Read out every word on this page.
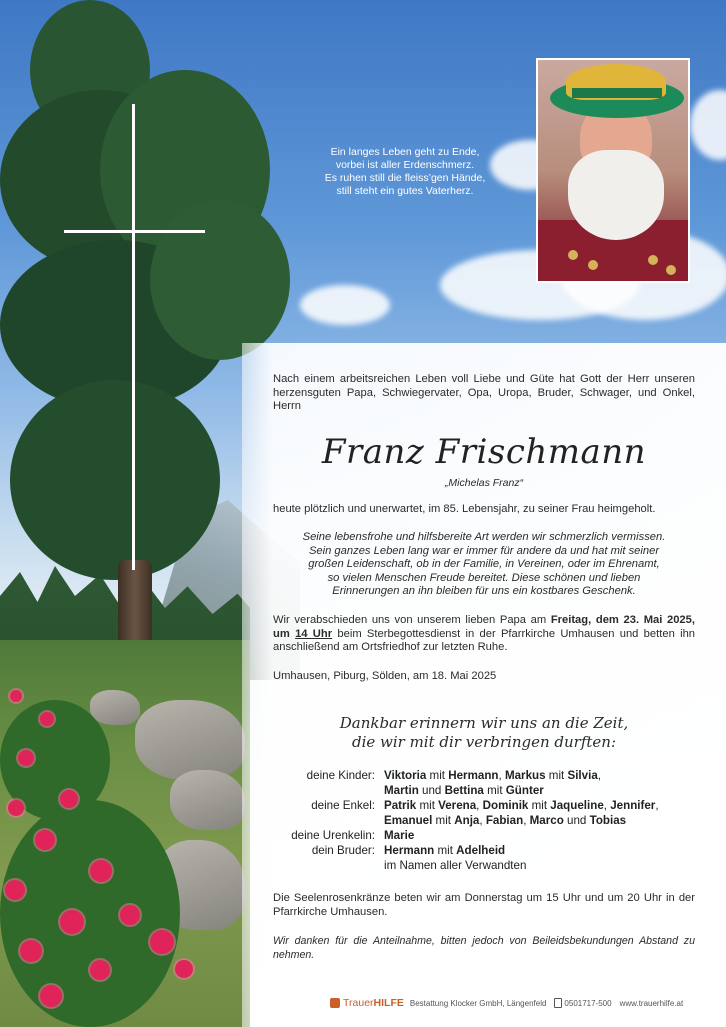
Ein langes Leben geht zu Ende,
vorbei ist aller Erdenschmerz.
Es ruhen still die fleiss’gen Hände,
still steht ein gutes Vaterherz.
Nach einem arbeitsreichen Leben voll Liebe und Güte hat Gott der Herr unseren herzensguten Papa, Schwiegervater, Opa, Uropa, Bruder, Schwager, und Onkel, Herrn
Franz Frischmann
„Michelas Franz“
heute plötzlich und unerwartet, im 85. Lebensjahr, zu seiner Frau heimgeholt.
Seine lebensfrohe und hilfsbereite Art werden wir schmerzlich vermissen.
Sein ganzes Leben lang war er immer für andere da und hat mit seiner
großen Leidenschaft, ob in der Familie, in Vereinen, oder im Ehrenamt,
so vielen Menschen Freude bereitet. Diese schönen und lieben
Erinnerungen an ihn bleiben für uns ein kostbares Geschenk.
Wir verabschieden uns von unserem lieben Papa am Freitag, dem 23. Mai 2025, um 14 Uhr beim Sterbegottesdienst in der Pfarrkirche Umhausen und betten ihn anschließend am Ortsfriedhof zur letzten Ruhe.
Umhausen, Piburg, Sölden, am 18. Mai 2025
Dankbar erinnern wir uns an die Zeit,
die wir mit dir verbringen durften:
deine Kinder: Viktoria mit Hermann, Markus mit Silvia,
Martin und Bettina mit Günter
deine Enkel: Patrik mit Verena, Dominik mit Jaqueline, Jennifer,
Emanuel mit Anja, Fabian, Marco und Tobias
deine Urenkelin: Marie
dein Bruder: Hermann mit Adelheid
im Namen aller Verwandten
Die Seelenrosenkränze beten wir am Donnerstag um 15 Uhr und um 20 Uhr in der Pfarrkirche Umhausen.
Wir danken für die Anteilnahme, bitten jedoch von Beileidsbekundungen Abstand zu nehmen.
TrauerHILFE Bestattung Klocker GmbH, Längenfeld 0501717-500 www.trauerhilfe.at
